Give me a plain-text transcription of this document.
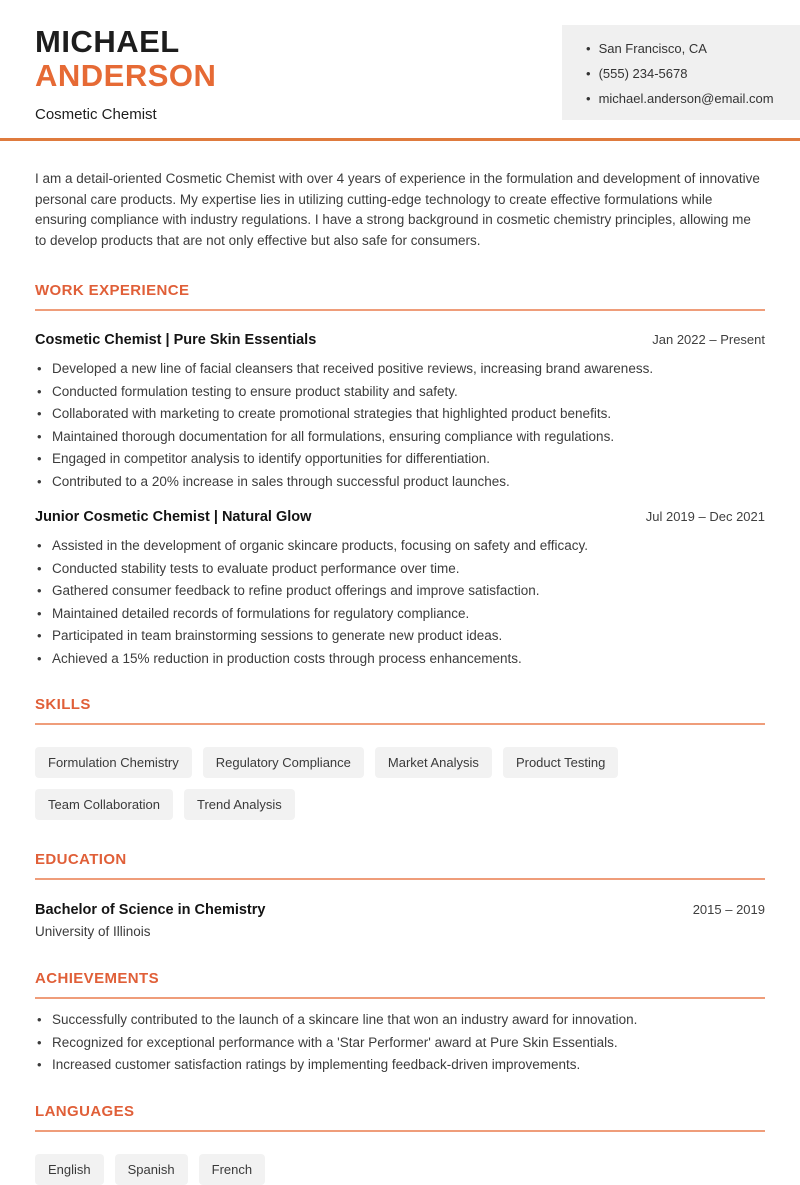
MICHAEL
ANDERSON
Cosmetic Chemist
• San Francisco, CA
• (555) 234-5678
• michael.anderson@email.com

I am a detail-oriented Cosmetic Chemist with over 4 years of experience in the formulation and development of innovative personal care products. My expertise lies in utilizing cutting-edge technology to create effective formulations while ensuring compliance with industry regulations. I have a strong background in cosmetic chemistry principles, allowing me to develop products that are not only effective but also safe for consumers.

WORK EXPERIENCE
Cosmetic Chemist | Pure Skin Essentials	Jan 2022 – Present
• Developed a new line of facial cleansers that received positive reviews, increasing brand awareness.
• Conducted formulation testing to ensure product stability and safety.
• Collaborated with marketing to create promotional strategies that highlighted product benefits.
• Maintained thorough documentation for all formulations, ensuring compliance with regulations.
• Engaged in competitor analysis to identify opportunities for differentiation.
• Contributed to a 20% increase in sales through successful product launches.
Junior Cosmetic Chemist | Natural Glow	Jul 2019 – Dec 2021
• Assisted in the development of organic skincare products, focusing on safety and efficacy.
• Conducted stability tests to evaluate product performance over time.
• Gathered consumer feedback to refine product offerings and improve satisfaction.
• Maintained detailed records of formulations for regulatory compliance.
• Participated in team brainstorming sessions to generate new product ideas.
• Achieved a 15% reduction in production costs through process enhancements.
SKILLS
Formulation Chemistry	Regulatory Compliance	Market Analysis	Product Testing
Team Collaboration	Trend Analysis
EDUCATION
Bachelor of Science in Chemistry	2015 – 2019
University of Illinois
ACHIEVEMENTS
• Successfully contributed to the launch of a skincare line that won an industry award for innovation.
• Recognized for exceptional performance with a 'Star Performer' award at Pure Skin Essentials.
• Increased customer satisfaction ratings by implementing feedback-driven improvements.
LANGUAGES
English	Spanish	French
